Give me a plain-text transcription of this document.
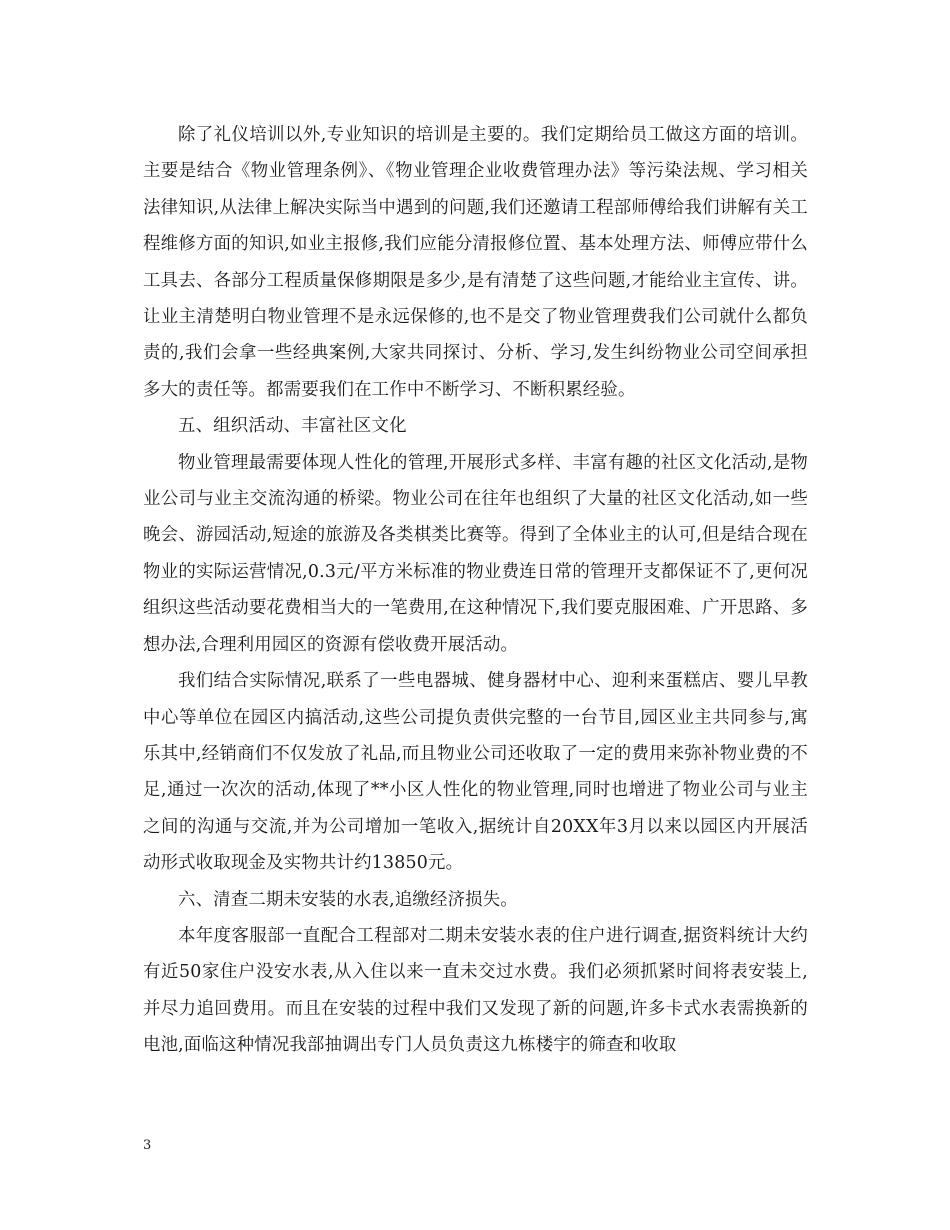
除了礼仪培训以外,专业知识的培训是主要的。我们定期给员工做这方面的培训。主要是结合《物业管理条例》、《物业管理企业收费管理办法》等污染法规、学习相关法律知识,从法律上解决实际当中遇到的问题,我们还邀请工程部师傅给我们讲解有关工程维修方面的知识,如业主报修,我们应能分清报修位置、基本处理方法、师傅应带什么工具去、各部分工程质量保修期限是多少,是有清楚了这些问题,才能给业主宣传、讲。让业主清楚明白物业管理不是永远保修的,也不是交了物业管理费我们公司就什么都负责的,我们会拿一些经典案例,大家共同探讨、分析、学习,发生纠纷物业公司空间承担多大的责任等。都需要我们在工作中不断学习、不断积累经验。

五、组织活动、丰富社区文化

物业管理最需要体现人性化的管理,开展形式多样、丰富有趣的社区文化活动,是物业公司与业主交流沟通的桥梁。物业公司在往年也组织了大量的社区文化活动,如一些晚会、游园活动,短途的旅游及各类棋类比赛等。得到了全体业主的认可,但是结合现在物业的实际运营情况,0.3元/平方米标准的物业费连日常的管理开支都保证不了,更何况组织这些活动要花费相当大的一笔费用,在这种情况下,我们要克服困难、广开思路、多想办法,合理利用园区的资源有偿收费开展活动。

我们结合实际情况,联系了一些电器城、健身器材中心、迎利来蛋糕店、婴儿早教中心等单位在园区内搞活动,这些公司提负责供完整的一台节目,园区业主共同参与,寓乐其中,经销商们不仅发放了礼品,而且物业公司还收取了一定的费用来弥补物业费的不足,通过一次次的活动,体现了**小区人性化的物业管理,同时也增进了物业公司与业主之间的沟通与交流,并为公司增加一笔收入,据统计自20XX年3月以来以园区内开展活动形式收取现金及实物共计约13850元。

六、清查二期未安装的水表,追缴经济损失。

本年度客服部一直配合工程部对二期未安装水表的住户进行调查,据资料统计大约有近50家住户没安水表,从入住以来一直未交过水费。我们必须抓紧时间将表安装上,并尽力追回费用。而且在安装的过程中我们又发现了新的问题,许多卡式水表需换新的电池,面临这种情况我部抽调出专门人员负责这九栋楼宇的筛查和收取

3
